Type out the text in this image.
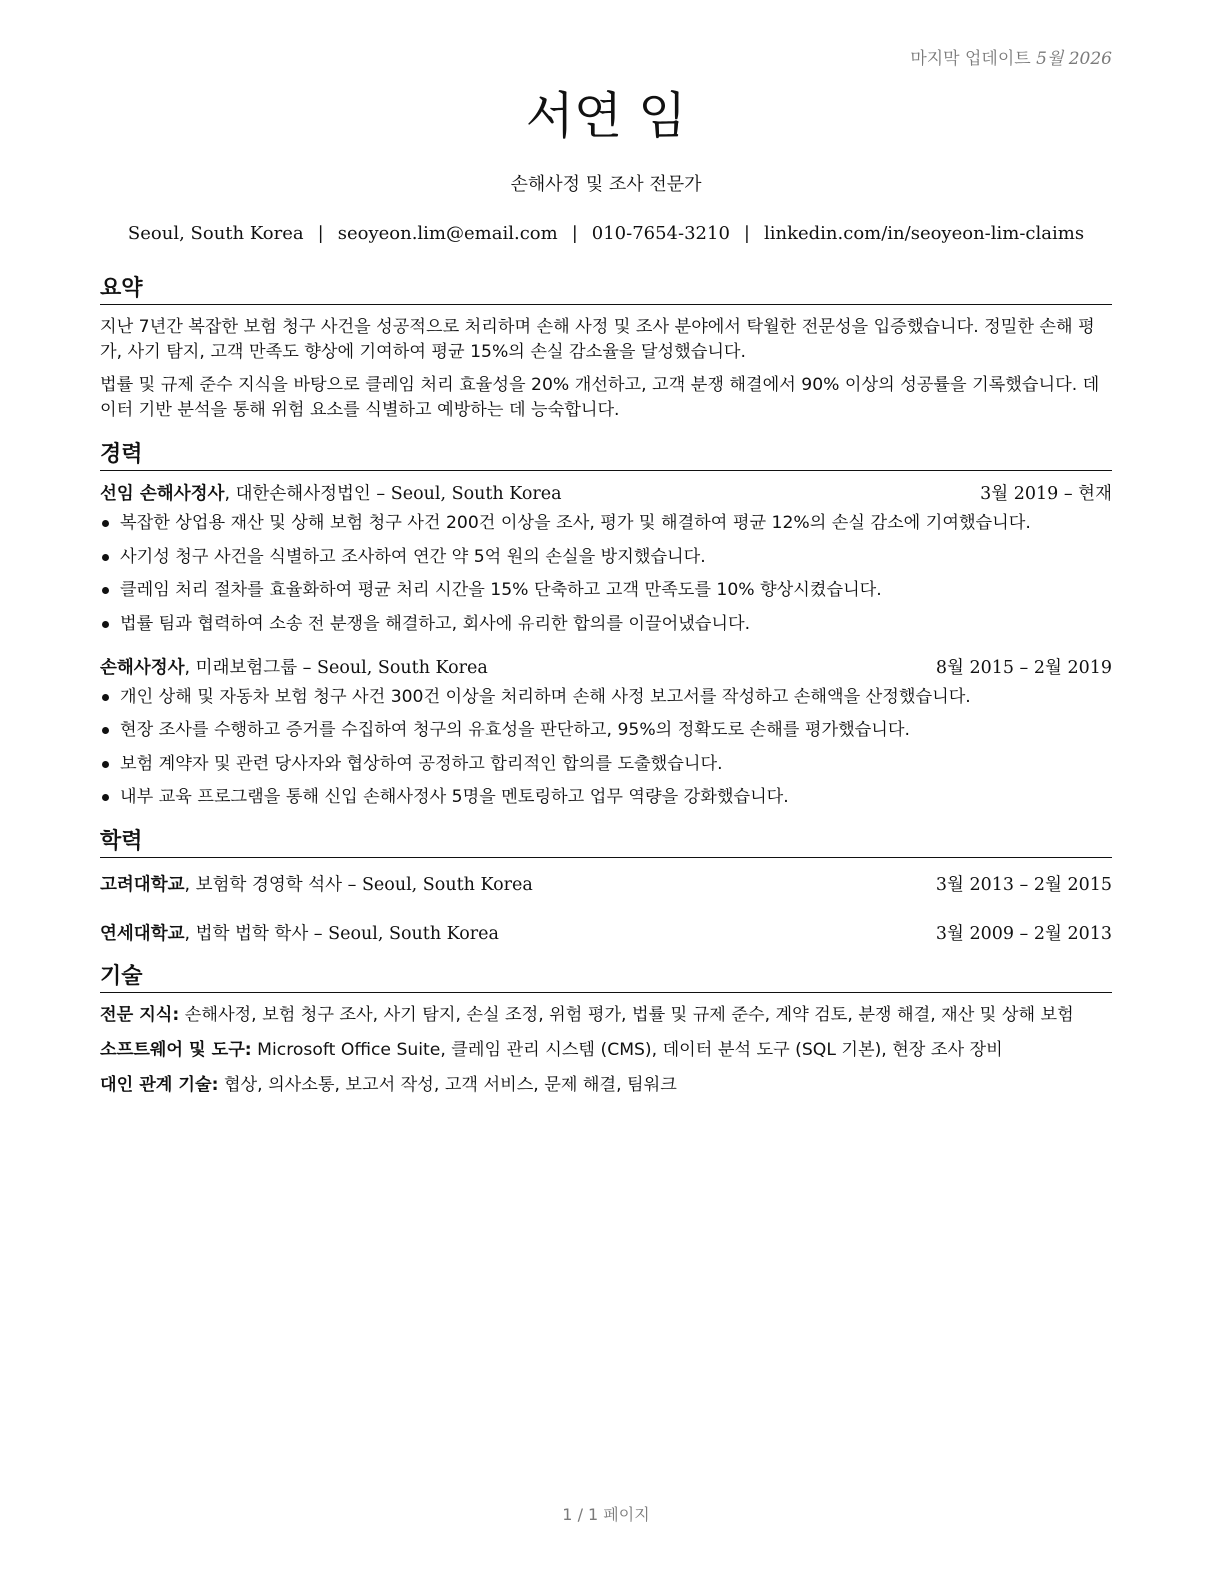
마지막 업데이트 5월 2026
서연 임
손해사정 및 조사 전문가
Seoul, South Korea | seoyeon.lim@email.com | 010-7654-3210 | linkedin.com/in/seoyeon-lim-claims
요약

지난 7년간 복잡한 보험 청구 사건을 성공적으로 처리하며 손해 사정 및 조사 분야에서 탁월한 전문성을 입증했습니다. 정밀한 손해 평가, 사기 탐지, 고객 만족도 향상에 기여하여 평균 15%의 손실 감소율을 달성했습니다.

법률 및 규제 준수 지식을 바탕으로 클레임 처리 효율성을 20% 개선하고, 고객 분쟁 해결에서 90% 이상의 성공률을 기록했습니다. 데이터 기반 분석을 통해 위험 요소를 식별하고 예방하는 데 능숙합니다.

경력
선임 손해사정사, 대한손해사정법인 – Seoul, South Korea	3월 2019 – 현재
복잡한 상업용 재산 및 상해 보험 청구 사건 200건 이상을 조사, 평가 및 해결하여 평균 12%의 손실 감소에 기여했습니다.
사기성 청구 사건을 식별하고 조사하여 연간 약 5억 원의 손실을 방지했습니다.
클레임 처리 절차를 효율화하여 평균 처리 시간을 15% 단축하고 고객 만족도를 10% 향상시켰습니다.
법률 팀과 협력하여 소송 전 분쟁을 해결하고, 회사에 유리한 합의를 이끌어냈습니다.
손해사정사, 미래보험그룹 – Seoul, South Korea	8월 2015 – 2월 2019
개인 상해 및 자동차 보험 청구 사건 300건 이상을 처리하며 손해 사정 보고서를 작성하고 손해액을 산정했습니다.
현장 조사를 수행하고 증거를 수집하여 청구의 유효성을 판단하고, 95%의 정확도로 손해를 평가했습니다.
보험 계약자 및 관련 당사자와 협상하여 공정하고 합리적인 합의를 도출했습니다.
내부 교육 프로그램을 통해 신입 손해사정사 5명을 멘토링하고 업무 역량을 강화했습니다.
학력
고려대학교, 보험학 경영학 석사 – Seoul, South Korea	3월 2013 – 2월 2015
연세대학교, 법학 법학 학사 – Seoul, South Korea	3월 2009 – 2월 2013
기술
전문 지식: 손해사정, 보험 청구 조사, 사기 탐지, 손실 조정, 위험 평가, 법률 및 규제 준수, 계약 검토, 분쟁 해결, 재산 및 상해 보험
소프트웨어 및 도구: Microsoft Office Suite, 클레임 관리 시스템 (CMS), 데이터 분석 도구 (SQL 기본), 현장 조사 장비
대인 관계 기술: 협상, 의사소통, 보고서 작성, 고객 서비스, 문제 해결, 팀워크
1 / 1 페이지
